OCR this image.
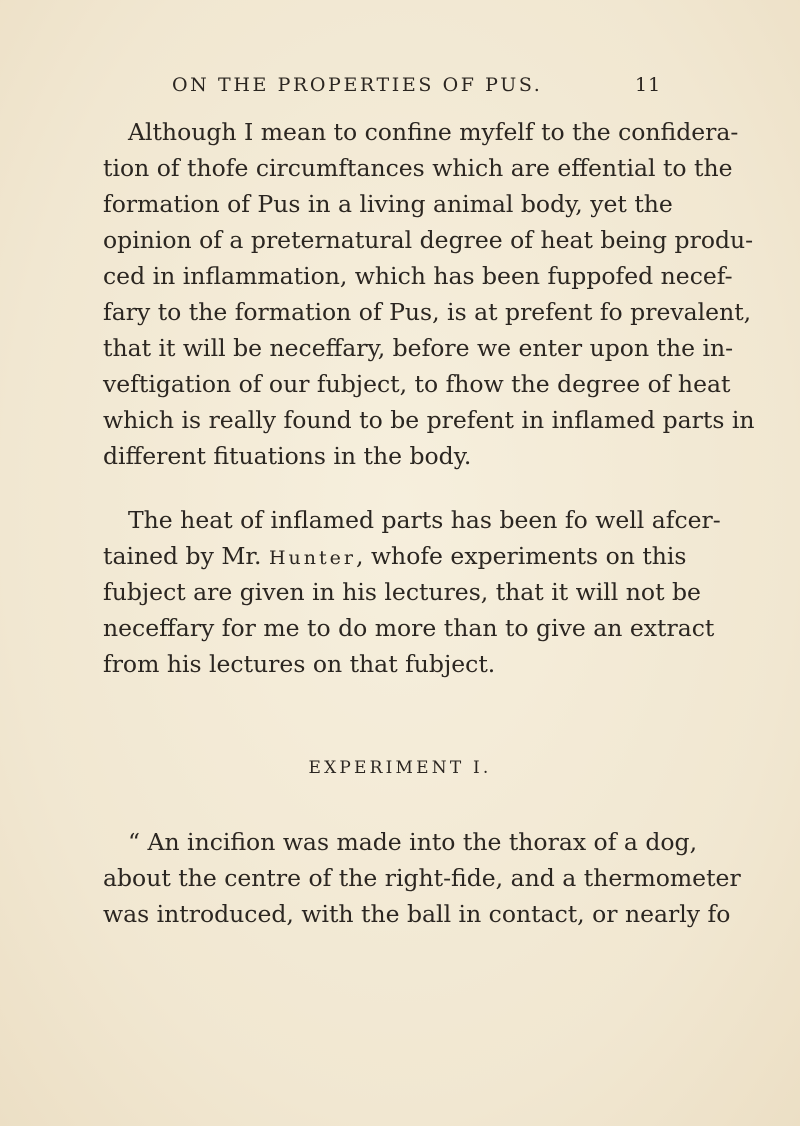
ON THE PROPERTIES OF PUS.	11
Although I mean to confine myfelf to the confidera-
tion of thofe circumftances which are effential to the
formation of Pus in a living animal body, yet the
opinion of a preternatural degree of heat being produ-
ced in inflammation, which has been fuppofed necef-
fary to the formation of Pus, is at prefent fo prevalent,
that it will be neceffary, before we enter upon the in-
veftigation of our fubject, to fhow the degree of heat
which is really found to be prefent in inflamed parts in
different fituations in the body.
The heat of inflamed parts has been fo well afcer-
tained by Mr. Hunter, whofe experiments on this
fubject are given in his lectures, that it will not be
neceffary for me to do more than to give an extract
from his lectures on that fubject.
EXPERIMENT I.
“ An incifion was made into the thorax of a dog,
about the centre of the right-fide, and a thermometer
was introduced, with the ball in contact, or nearly fo
